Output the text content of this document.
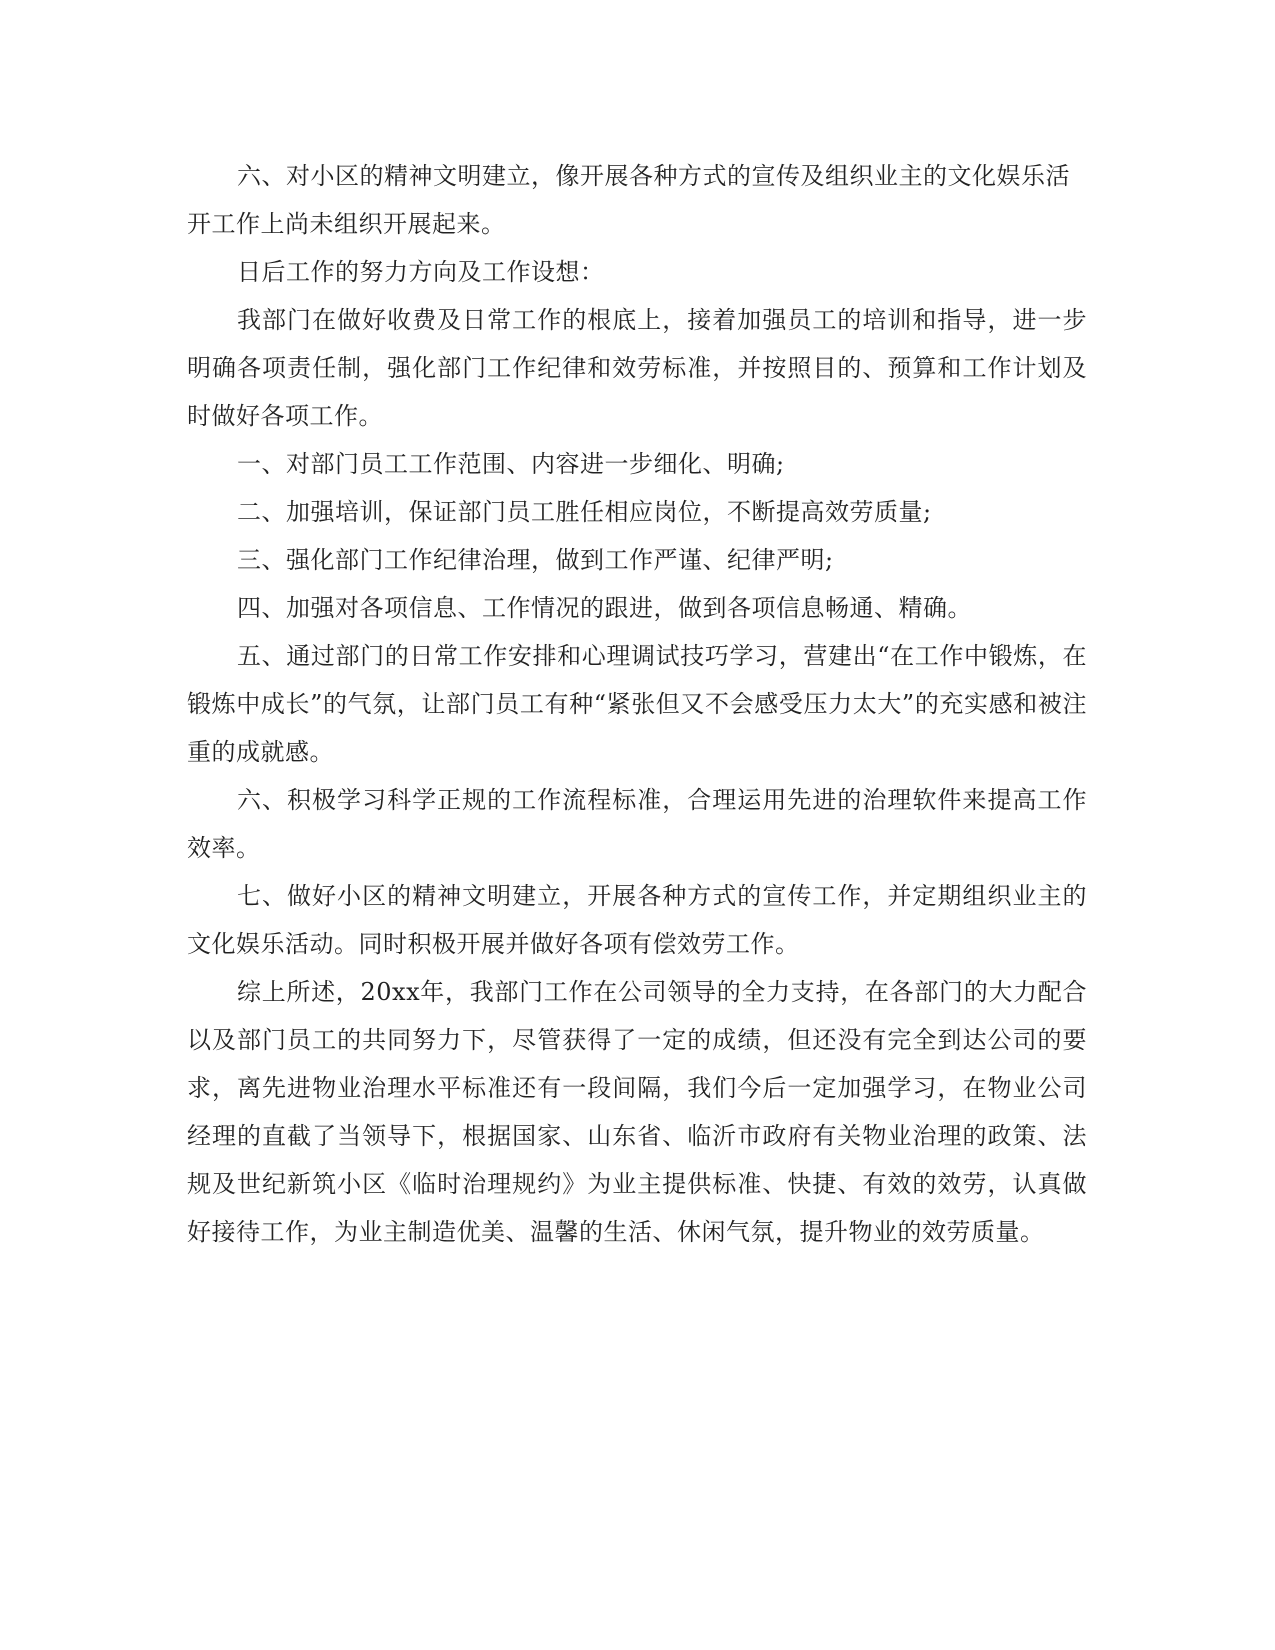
六、对小区的精神文明建立，像开展各种方式的宣传及组织业主的文化娱乐活

开工作上尚未组织开展起来。

日后工作的努力方向及工作设想：

我部门在做好收费及日常工作的根底上，接着加强员工的培训和指导，进一步明确各项责任制，强化部门工作纪律和效劳标准，并按照目的、预算和工作计划及时做好各项工作。

一、对部门员工工作范围、内容进一步细化、明确;

二、加强培训，保证部门员工胜任相应岗位，不断提高效劳质量;

三、强化部门工作纪律治理，做到工作严谨、纪律严明;

四、加强对各项信息、工作情况的跟进，做到各项信息畅通、精确。

五、通过部门的日常工作安排和心理调试技巧学习，营建出“在工作中锻炼，在锻炼中成长”的气氛，让部门员工有种“紧张但又不会感受压力太大”的充实感和被注重的成就感。

六、积极学习科学正规的工作流程标准，合理运用先进的治理软件来提高工作效率。

七、做好小区的精神文明建立，开展各种方式的宣传工作，并定期组织业主的文化娱乐活动。同时积极开展并做好各项有偿效劳工作。

综上所述，20xx年，我部门工作在公司领导的全力支持，在各部门的大力配合以及部门员工的共同努力下，尽管获得了一定的成绩，但还没有完全到达公司的要求，离先进物业治理水平标准还有一段间隔，我们今后一定加强学习，在物业公司经理的直截了当领导下，根据国家、山东省、临沂市政府有关物业治理的政策、法规及世纪新筑小区《临时治理规约》为业主提供标准、快捷、有效的效劳，认真做好接待工作，为业主制造优美、温馨的生活、休闲气氛，提升物业的效劳质量。
